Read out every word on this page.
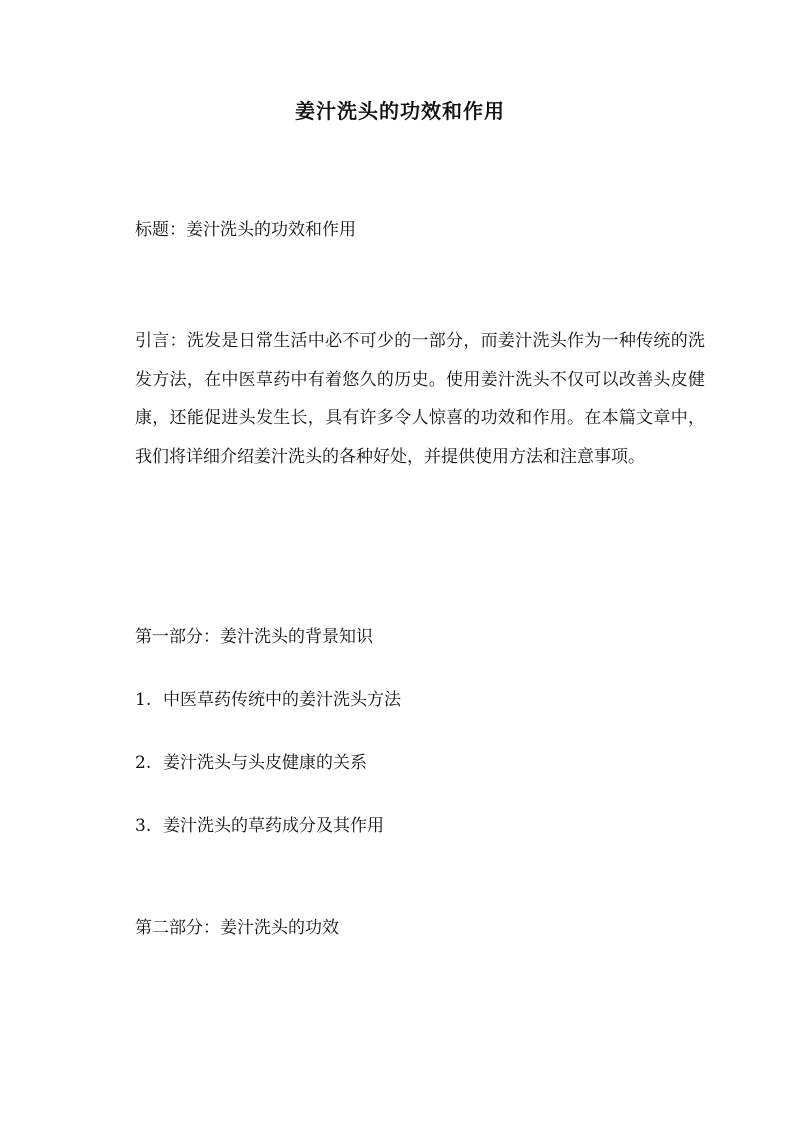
姜汁洗头的功效和作用
标题：姜汁洗头的功效和作用
引言：洗发是日常生活中必不可少的一部分，而姜汁洗头作为一种传统的洗发方法，在中医草药中有着悠久的历史。使用姜汁洗头不仅可以改善头皮健康，还能促进头发生长，具有许多令人惊喜的功效和作用。在本篇文章中，我们将详细介绍姜汁洗头的各种好处，并提供使用方法和注意事项。
第一部分：姜汁洗头的背景知识
1. 中医草药传统中的姜汁洗头方法
2. 姜汁洗头与头皮健康的关系
3. 姜汁洗头的草药成分及其作用
第二部分：姜汁洗头的功效
